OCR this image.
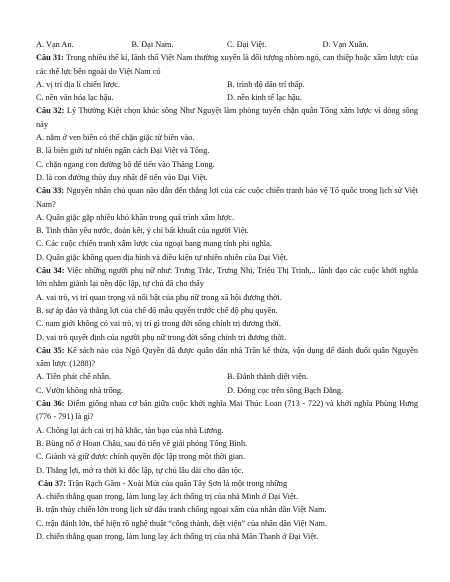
A. Vạn An.	B. Đại Nam.	C. Đại Việt.	D. Vạn Xuân.

Câu 31: Trong nhiều thế kỉ, lãnh thổ Việt Nam thường xuyên là đối tượng nhòm ngó, can thiệp hoặc xâm lược của các thế lực bên ngoài do Việt Nam có

A. vị trí địa lí chiến lược.	B. trình độ dân trí thấp.
C. nền văn hóa lạc hậu.	D. nền kinh tế lạc hậu.

Câu 32: Lý Thường Kiệt chọn khúc sông Như Nguyệt làm phòng tuyến chặn quân Tống xâm lược vì dòng sông này

A. nằm ở ven biên có thể chặn giặc từ biên vào.

B. là biên giới tự nhiên ngăn cách Đại Việt và Tống.

C. chặn ngang con đường bộ để tiến vào Thăng Long.

D. là con đường thủy duy nhất để tiến vào Đại Việt.

Câu 33: Nguyên nhân chủ quan nào dẫn đến thắng lợi của các cuộc chiến tranh bảo vệ Tổ quốc trong lịch sử Việt Nam?

A. Quân giặc gặp nhiều khó khăn trong quá trình xâm lược.

B. Tinh thần yêu nước, đoàn kết, ý chí bất khuất của người Việt.

C. Các cuộc chiến tranh xâm lược của ngoại bang mang tính phi nghĩa.

D. Quân giặc không quen địa hình và điều kiện tự nhiên nhiên của Đại Việt.

Câu 34: Việc những người phụ nữ như: Trưng Trắc, Trưng Nhị, Triệu Thị Trinh,.. lãnh đạo các cuộc khởi nghĩa lớn nhằm giành lại nền độc lập, tự chủ đã cho thấy

A. vai trò, vị trí quan trọng và nổi bật của phụ nữ trong xã hội đương thời.

B. sự áp đảo và thắng lợi của chế độ mẫu quyền trước chế độ phụ quyền.

C. nam giới không có vai trò, vị trí gì trong đời sống chính trị đương thời.

D. vai trò quyết định của người phụ nữ trong đời sống chính trị đương thời.

Câu 35: Kế sách nào của Ngô Quyền đã được quân dân nhà Trần kế thừa, vận dụng để đánh đuổi quân Nguyên xâm lược (1288)?

A. Tiên phát chế nhân.	B. Đánh thành diệt viện.
C. Vườn không nhà trống.	D. Đóng cọc trên sông Bạch Đằng.

Câu 36: Điểm giống nhau cơ bản giữa cuộc khởi nghĩa Mai Thúc Loan (713 - 722) và khởi nghĩa Phùng Hưng (776 - 791) là gì?

A. Chống lại ách cai trị hà khắc, tàn bạo của nhà Lương.

B. Bùng nổ ở Hoan Châu, sau đó tiến về giải phóng Tống Bình.

C. Giành và giữ được chính quyền độc lập trong một thời gian.

D. Thắng lợi, mở ra thời kì độc lập, tự chủ lâu dài cho dân tộc.

Câu 37: Trận Rạch Gầm - Xoài Mút của quân Tây Sơn là một trong những

A. chiến thắng quan trọng, làm lung lay ách thống trị của nhà Minh ở Đại Việt.

B. trận thủy chiến lớn trong lịch sử đấu tranh chống ngoại xâm của nhân dân Việt Nam.

C. trận đánh lớn, thể hiện rõ nghệ thuật “công thành, diệt viện” của nhân dân Việt Nam.

D. chiến thắng quan trọng, làm lung lay ách thống trị của nhà Mãn Thanh ở Đại Việt.
